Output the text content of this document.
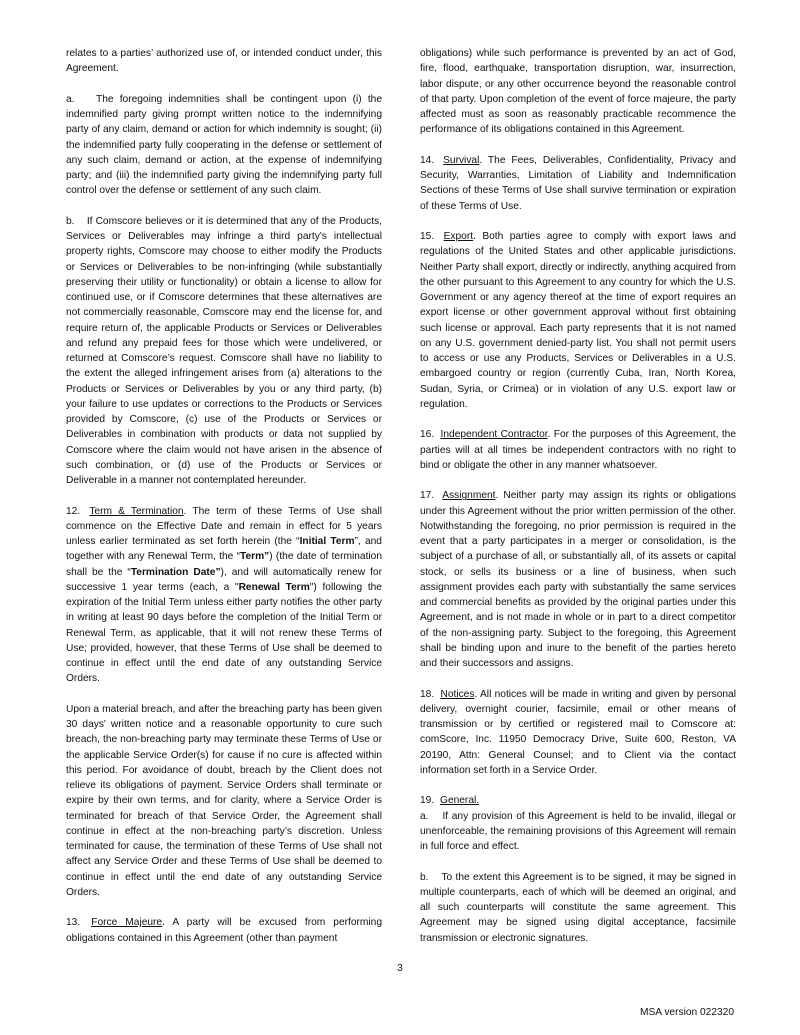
relates to a parties’ authorized use of, or intended conduct under, this Agreement.

a. The foregoing indemnities shall be contingent upon (i) the indemnified party giving prompt written notice to the indemnifying party of any claim, demand or action for which indemnity is sought; (ii) the indemnified party fully cooperating in the defense or settlement of any such claim, demand or action, at the expense of indemnifying party; and (iii) the indemnified party giving the indemnifying party full control over the defense or settlement of any such claim.

b. If Comscore believes or it is determined that any of the Products, Services or Deliverables may infringe a third party's intellectual property rights, Comscore may choose to either modify the Products or Services or Deliverables to be non-infringing (while substantially preserving their utility or functionality) or obtain a license to allow for continued use, or if Comscore determines that these alternatives are not commercially reasonable, Comscore may end the license for, and require return of, the applicable Products or Services or Deliverables and refund any prepaid fees for those which were undelivered, or returned at Comscore’s request. Comscore shall have no liability to the extent the alleged infringement arises from (a) alterations to the Products or Services or Deliverables by you or any third party, (b) your failure to use updates or corrections to the Products or Services provided by Comscore, (c) use of the Products or Services or Deliverables in combination with products or data not supplied by Comscore where the claim would not have arisen in the absence of such combination, or (d) use of the Products or Services or Deliverable in a manner not contemplated hereunder.

12. Term & Termination. The term of these Terms of Use shall commence on the Effective Date and remain in effect for 5 years unless earlier terminated as set forth herein (the “Initial Term”, and together with any Renewal Term, the “Term”) (the date of termination shall be the “Termination Date”), and will automatically renew for successive 1 year terms (each, a "Renewal Term") following the expiration of the Initial Term unless either party notifies the other party in writing at least 90 days before the completion of the Initial Term or Renewal Term, as applicable, that it will not renew these Terms of Use; provided, however, that these Terms of Use shall be deemed to continue in effect until the end date of any outstanding Service Orders.

Upon a material breach, and after the breaching party has been given 30 days' written notice and a reasonable opportunity to cure such breach, the non-breaching party may terminate these Terms of Use or the applicable Service Order(s) for cause if no cure is affected within this period. For avoidance of doubt, breach by the Client does not relieve its obligations of payment. Service Orders shall terminate or expire by their own terms, and for clarity, where a Service Order is terminated for breach of that Service Order, the Agreement shall continue in effect at the non-breaching party’s discretion. Unless terminated for cause, the termination of these Terms of Use shall not affect any Service Order and these Terms of Use shall be deemed to continue in effect until the end date of any outstanding Service Orders.

13. Force Majeure. A party will be excused from performing obligations contained in this Agreement (other than payment

obligations) while such performance is prevented by an act of God, fire, flood, earthquake, transportation disruption, war, insurrection, labor dispute, or any other occurrence beyond the reasonable control of that party. Upon completion of the event of force majeure, the party affected must as soon as reasonably practicable recommence the performance of its obligations contained in this Agreement.

14. Survival. The Fees, Deliverables, Confidentiality, Privacy and Security, Warranties, Limitation of Liability and Indemnification Sections of these Terms of Use shall survive termination or expiration of these Terms of Use.

15. Export. Both parties agree to comply with export laws and regulations of the United States and other applicable jurisdictions. Neither Party shall export, directly or indirectly, anything acquired from the other pursuant to this Agreement to any country for which the U.S. Government or any agency thereof at the time of export requires an export license or other government approval without first obtaining such license or approval. Each party represents that it is not named on any U.S. government denied-party list. You shall not permit users to access or use any Products, Services or Deliverables in a U.S. embargoed country or region (currently Cuba, Iran, North Korea, Sudan, Syria, or Crimea) or in violation of any U.S. export law or regulation.

16. Independent Contractor. For the purposes of this Agreement, the parties will at all times be independent contractors with no right to bind or obligate the other in any manner whatsoever.

17. Assignment. Neither party may assign its rights or obligations under this Agreement without the prior written permission of the other. Notwithstanding the foregoing, no prior permission is required in the event that a party participates in a merger or consolidation, is the subject of a purchase of all, or substantially all, of its assets or capital stock, or sells its business or a line of business, when such assignment provides each party with substantially the same services and commercial benefits as provided by the original parties under this Agreement, and is not made in whole or in part to a direct competitor of the non-assigning party. Subject to the foregoing, this Agreement shall be binding upon and inure to the benefit of the parties hereto and their successors and assigns.

18. Notices. All notices will be made in writing and given by personal delivery, overnight courier, facsimile, email or other means of transmission or by certified or registered mail to Comscore at: comScore, Inc. 11950 Democracy Drive, Suite 600, Reston, VA 20190, Attn: General Counsel; and to Client via the contact information set forth in a Service Order.

19. General.

a. If any provision of this Agreement is held to be invalid, illegal or unenforceable, the remaining provisions of this Agreement will remain in full force and effect.

b. To the extent this Agreement is to be signed, it may be signed in multiple counterparts, each of which will be deemed an original, and all such counterparts will constitute the same agreement. This Agreement may be signed using digital acceptance, facsimile transmission or electronic signatures.

3
MSA version 022320
